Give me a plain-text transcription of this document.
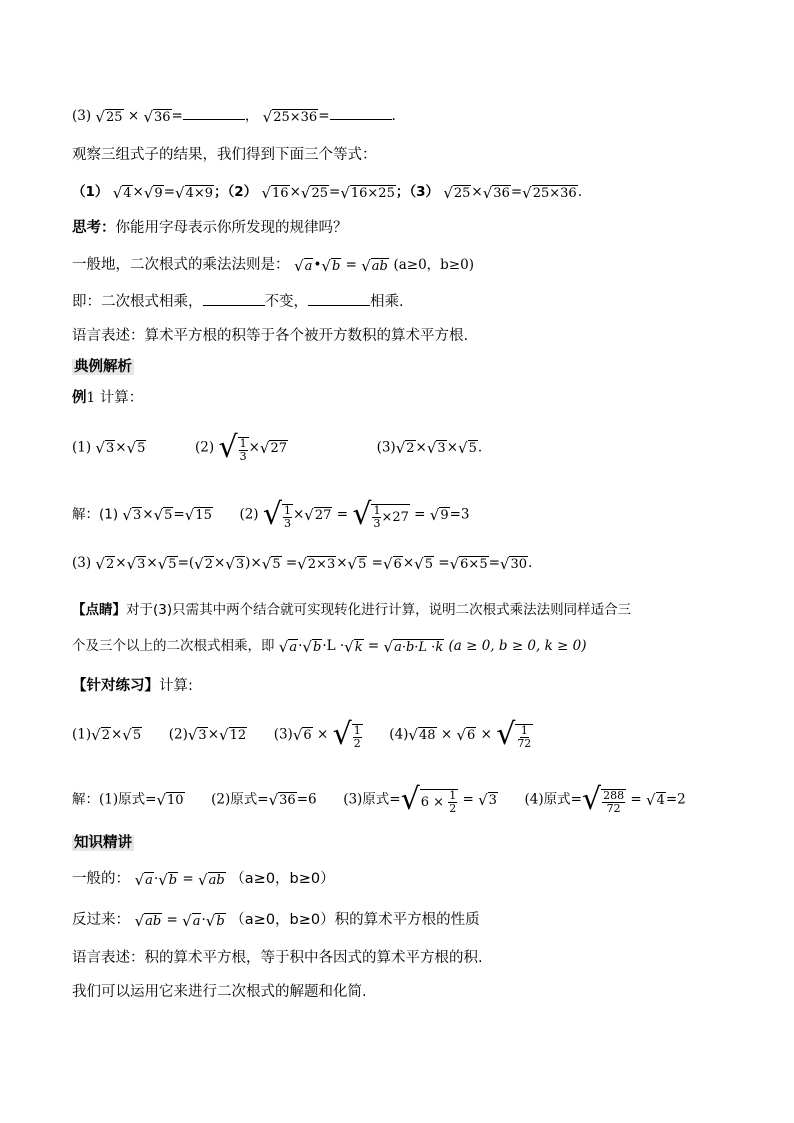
(3) √ 25 × √ 36 =	， √ 25×36 =	.
观察三组式子的结果，我们得到下面三个等式：
（1） √ 4 × √ 9 = √ 4×9 ；（2） √ 16 × √ 25 = √ 16×25 ；（3） √ 25 × √ 36 = √ 25×36 .
思考：你能用字母表示你所发现的规律吗？
一般地，二次根式的乘法法则是： √ a • √ b = √ ab (a≥0，b≥0)
即：二次根式相乘，	不变，	相乘.
语言表述：算术平方根的积等于各个被开方数积的算术平方根.
典例解析
例1 计算：
(1) √ 3 × √ 5	(2) √ $\frac{1}{3}$ × √ 27	(3) √ 2 × √ 3 × √ 5 .
解：(1) √ 3 × √ 5 = √ 15 (2) √ $\frac{1}{3}$ × √ 27 = √ $\frac{1}{3} \times 27$ = √ 9 =3
(3) √ 2 × √ 3 × √ 5 =( √ 2 × √ 3 )× √ 5 = √ 2×3 × √ 5 = √ 6 × √ 5 = √ 6×5 = √ 30 .
【点睛】对于(3)只需其中两个结合就可实现转化进行计算，说明二次根式乘法法则同样适合三
个及三个以上的二次根式相乘，即 √ a · √ b ·L · √ k = √ a·b·L ·k (a ≥ 0, b ≥ 0, k ≥ 0)
【针对练习】计算:
(1) √ 2 × √ 5 (2) √ 3 × √ 12 (3) √ 6 × √ $\frac{1}{2} (4)$ √ 48 × √ 6 × √ $\frac{1}{72}$
解：(1)原式= √ 10 (2)原式= √ 36 =6 (3)原式= √ $6 \times \frac{1}{2}$ = √ 3 (4)原式= √ $\frac{288}{72}$ = √ 4 =2
知识精讲
一般的： √ a · √ b = √ ab （a≥0，b≥0）
反过来： √ ab = √ a · √ b （a≥0，b≥0）积的算术平方根的性质
语言表述：积的算术平方根，等于积中各因式的算术平方根的积.
我们可以运用它来进行二次根式的解题和化简.
